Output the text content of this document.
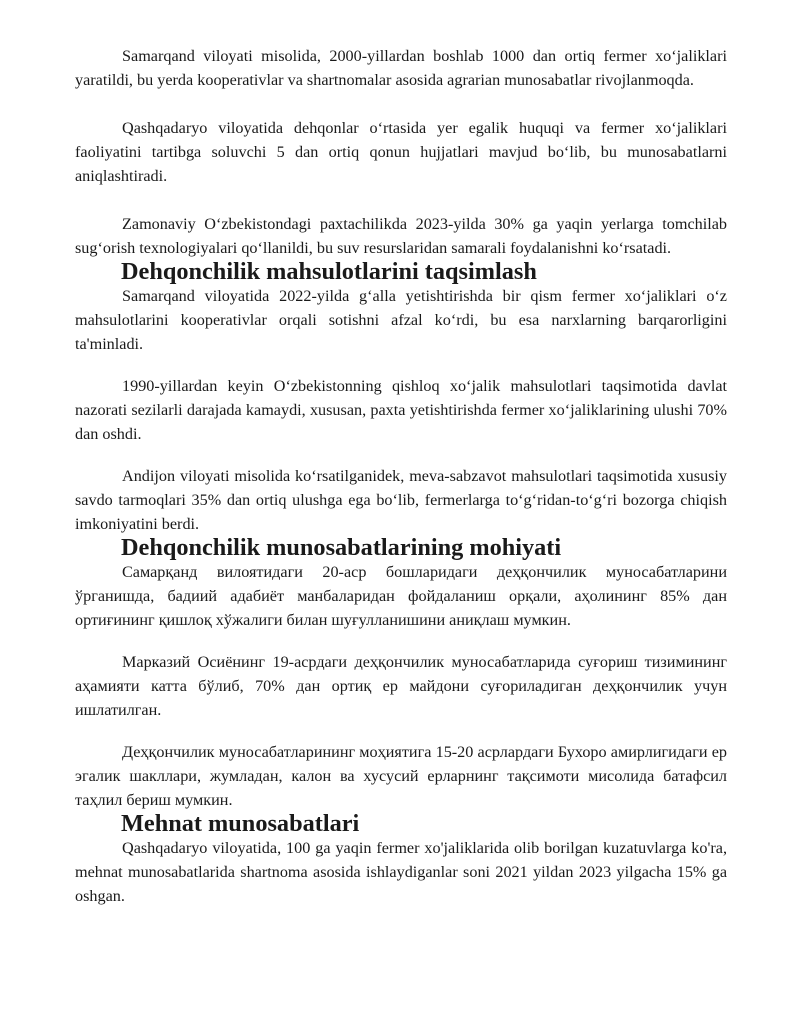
Samarqand viloyati misolida, 2000-yillardan boshlab 1000 dan ortiq fermer xo‘jaliklari yaratildi, bu yerda kooperativlar va shartnomalar asosida agrarian munosabatlar rivojlanmoqda.

Qashqadaryo viloyatida dehqonlar o‘rtasida yer egalik huquqi va fermer xo‘jaliklari faoliyatini tartibga soluvchi 5 dan ortiq qonun hujjatlari mavjud bo‘lib, bu munosabatlarni aniqlashtiradi.

Zamonaviy O‘zbekistondagi paxtachilikda 2023-yilda 30% ga yaqin yerlarga tomchilab sug‘orish texnologiyalari qo‘llanildi, bu suv resurslaridan samarali foydalanishni ko‘rsatadi.

Dehqonchilik mahsulotlarini taqsimlash

Samarqand viloyatida 2022-yilda g‘alla yetishtirishda bir qism fermer xo‘jaliklari o‘z mahsulotlarini kooperativlar orqali sotishni afzal ko‘rdi, bu esa narxlarning barqarorligini ta'minladi.

1990-yillardan keyin O‘zbekistonning qishloq xo‘jalik mahsulotlari taqsimotida davlat nazorati sezilarli darajada kamaydi, xususan, paxta yetishtirishda fermer xo‘jaliklarining ulushi 70% dan oshdi.

Andijon viloyati misolida ko‘rsatilganidek, meva-sabzavot mahsulotlari taqsimotida xususiy savdo tarmoqlari 35% dan ortiq ulushga ega bo‘lib, fermerlarga to‘g‘ridan-to‘g‘ri bozorga chiqish imkoniyatini berdi.

Dehqonchilik munosabatlarining mohiyati

Самарқанд вилоятидаги 20-аср бошларидаги деҳқончилик муносабатларини ўрганишда, бадиий адабиёт манбаларидан фойдаланиш орқали, аҳолининг 85% дан ортиғининг қишлоқ хўжалиги билан шуғулланишини аниқлаш мумкин.

Марказий Осиёнинг 19-асрдаги деҳқончилик муносабатларида суғориш тизимининг аҳамияти катта бўлиб, 70% дан ортиқ ер майдони суғориладиган деҳқончилик учун ишлатилган.

Деҳқончилик муносабатларининг моҳиятига 15-20 асрлардаги Бухоро амирлигидаги ер эгалик шакллари, жумладан, калон ва хусусий ерларнинг тақсимоти мисолида батафсил таҳлил бериш мумкин.

Mehnat munosabatlari

Qashqadaryo viloyatida, 100 ga yaqin fermer xo'jaliklarida olib borilgan kuzatuvlarga ko'ra, mehnat munosabatlarida shartnoma asosida ishlaydiganlar soni 2021 yildan 2023 yilgacha 15% ga oshgan.
